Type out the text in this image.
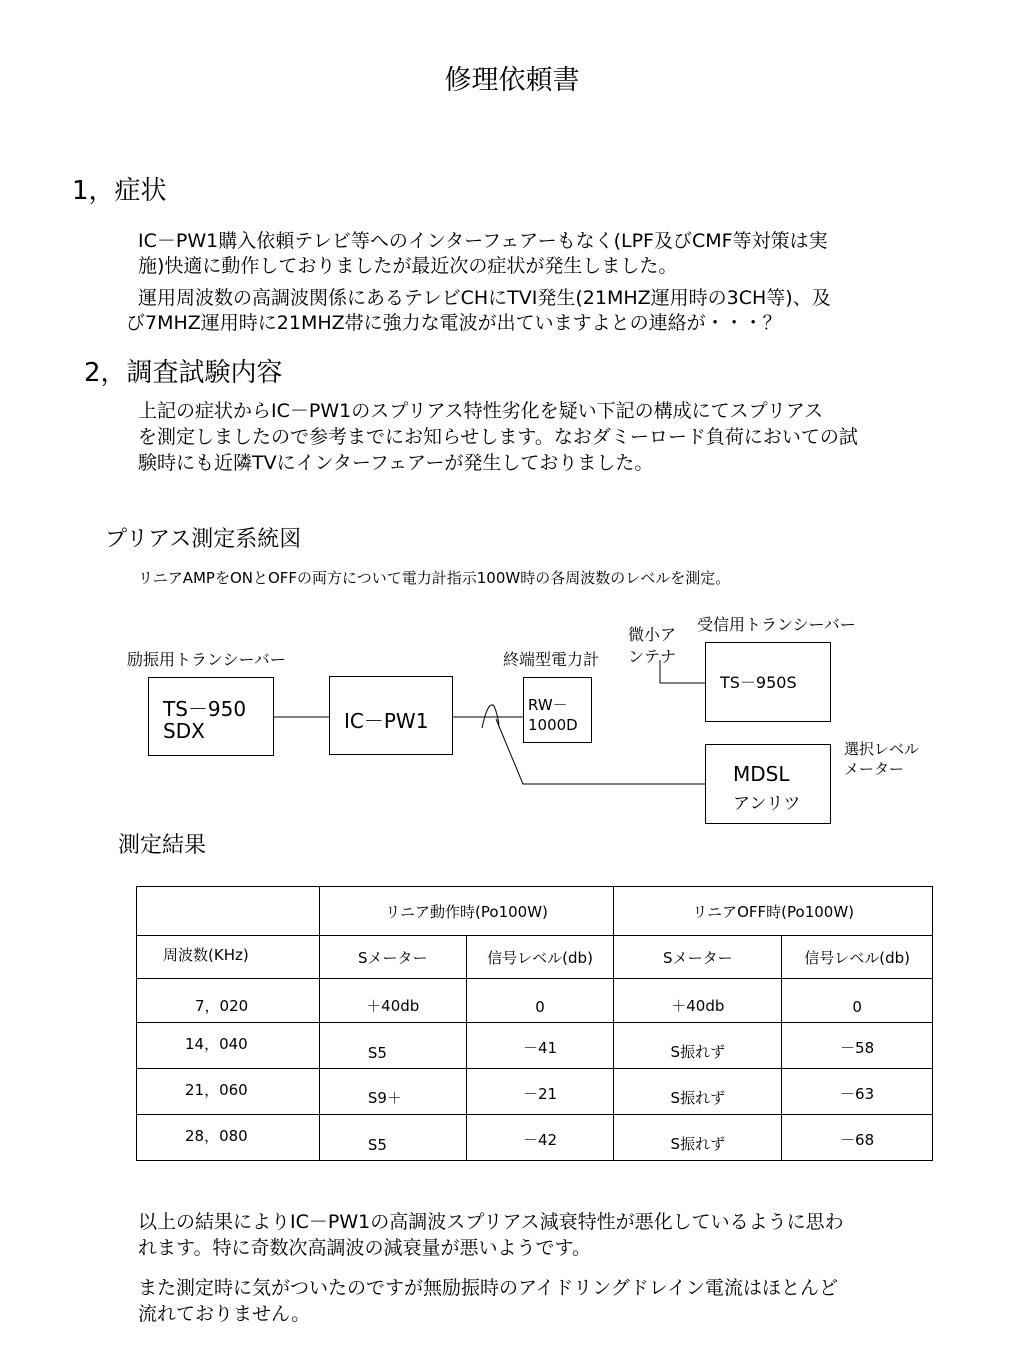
修理依頼書
1，症状
IC－PW1購入依頼テレビ等へのインターフェアーもなく(LPF及びCMF等対策は実
施)快適に動作しておりましたが最近次の症状が発生しました。
運用周波数の高調波関係にあるテレビCHにTVI発生(21MHZ運用時の3CH等)、及
び7MHZ運用時に21MHZ帯に強力な電波が出ていますよとの連絡が・・・？
2，調査試験内容
上記の症状からIC－PW1のスプリアス特性劣化を疑い下記の構成にてスプリアス
を測定しましたので参考までにお知らせします。なおダミーロード負荷においての試
験時にも近隣TVにインターフェアーが発生しておりました。
プリアス測定系統図
リニアAMPをONとOFFの両方について電力計指示100W時の各周波数のレベルを測定。
励振用トランシーバー
TS－950
SDX	IC－PW1
終端型電力計
RW－
1000D
微小ア
ンテナ
受信用トランシーバー
TS－950S
選択レベル
メーター
MDSL
アンリツ
測定結果
	リニア動作時(Po100W)		リニアOFF時(Po100W)	
周波数(KHz)	Sメーター	信号レベル(db)	Sメーター	信号レベル(db)
7，020	＋40db	0	＋40db	0
14，040	S5	－41	S振れず	－58
21，060	S9＋	－21	S振れず	－63
28，080	S5	－42	S振れず	－68
以上の結果によりIC－PW1の高調波スプリアス減衰特性が悪化しているように思わ
れます。特に奇数次高調波の減衰量が悪いようです。
また測定時に気がついたのですが無励振時のアイドリングドレイン電流はほとんど
流れておりません。
